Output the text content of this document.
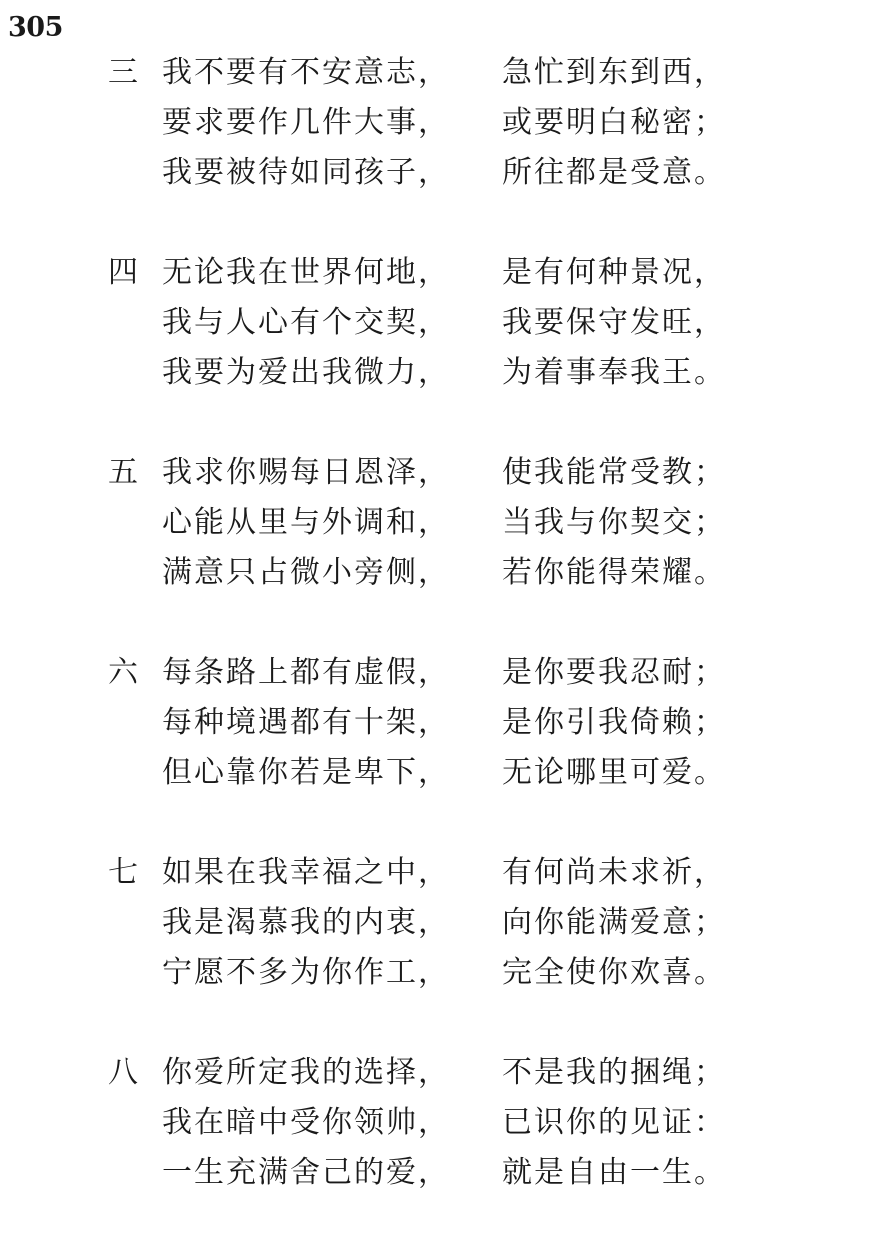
305
三 我不要有不安意志， 急忙到东到西，
要求要作几件大事， 或要明白秘密；
我要被待如同孩子， 所往都是受意。
四 无论我在世界何地， 是有何种景况，
我与人心有个交契， 我要保守发旺，
我要为爱出我微力， 为着事奉我王。
五 我求你赐每日恩泽， 使我能常受教；
心能从里与外调和， 当我与你契交；
满意只占微小旁侧， 若你能得荣耀。
六 每条路上都有虚假， 是你要我忍耐；
每种境遇都有十架， 是你引我倚赖；
但心靠你若是卑下， 无论哪里可爱。
七 如果在我幸福之中， 有何尚未求祈，
我是渴慕我的内衷， 向你能满爱意；
宁愿不多为你作工， 完全使你欢喜。
八 你爱所定我的选择， 不是我的捆绳；
我在暗中受你领帅， 已识你的见证：
一生充满舍己的爱， 就是自由一生。
